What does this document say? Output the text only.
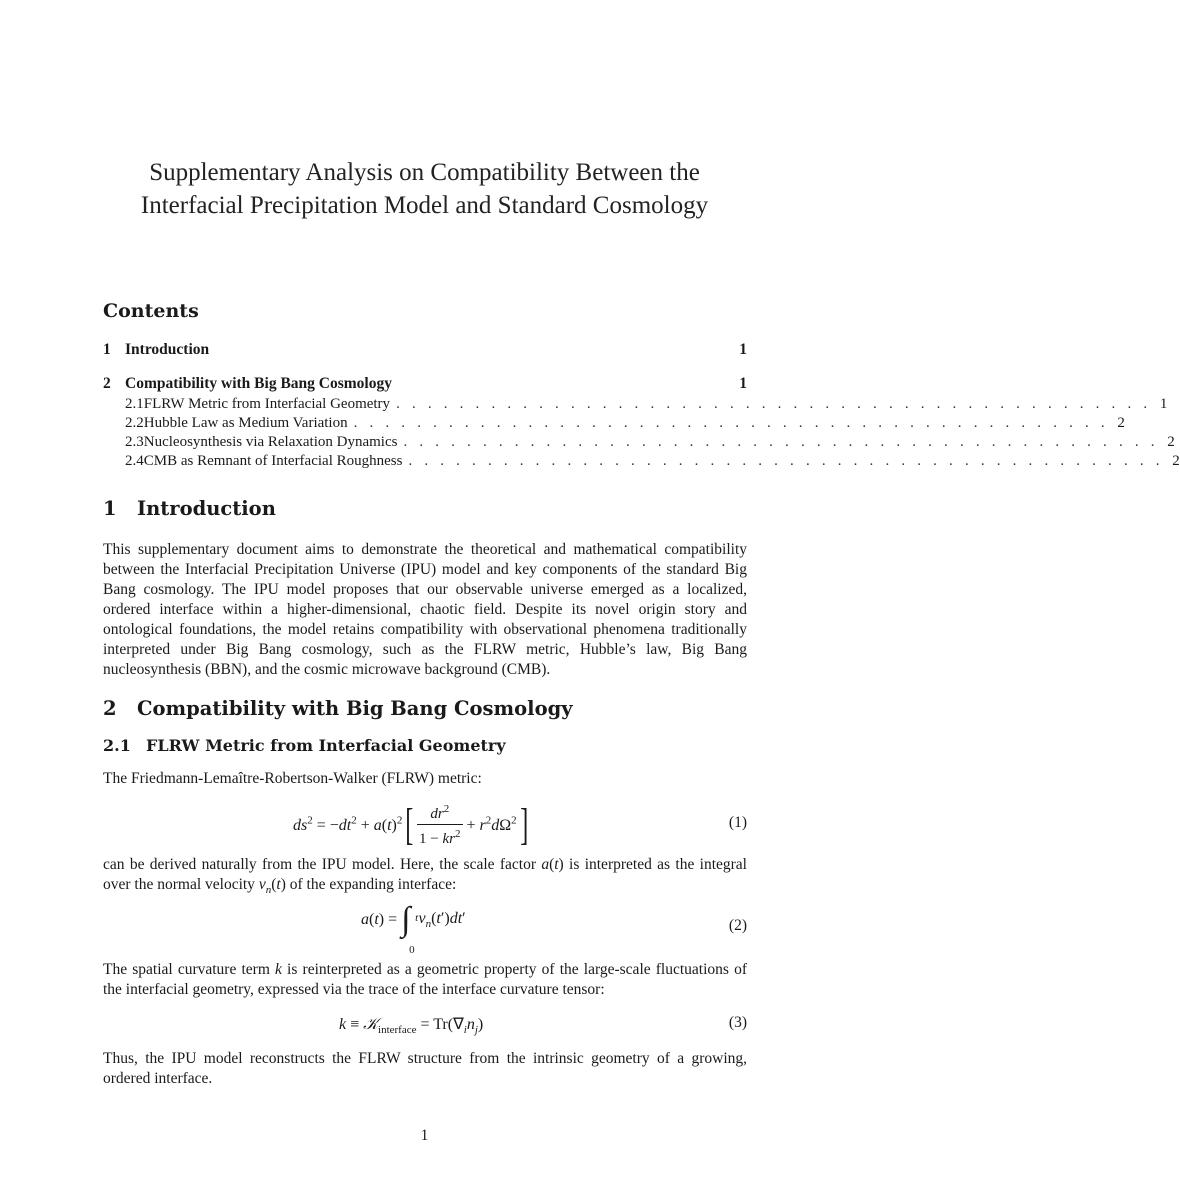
Supplementary Analysis on Compatibility Between the
Interfacial Precipitation Model and Standard Cosmology
Contents
1 Introduction	1
2 Compatibility with Big Bang Cosmology	1
2.1 FLRW Metric from Interfacial Geometry . . . . . . . . . . . . . . . . . . . . . . . . . . . . . . . . . . . . . . . . . . . . . . . . 1
2.2 Hubble Law as Medium Variation . . . . . . . . . . . . . . . . . . . . . . . . . . . . . . . . . . . . . . . . . . . . . . . . 2
2.3 Nucleosynthesis via Relaxation Dynamics . . . . . . . . . . . . . . . . . . . . . . . . . . . . . . . . . . . . . . . . . . . . . . . . 2
2.4 CMB as Remnant of Interfacial Roughness . . . . . . . . . . . . . . . . . . . . . . . . . . . . . . . . . . . . . . . . . . . . . . . . 2
1 Introduction
This supplementary document aims to demonstrate the theoretical and mathematical compatibility between the Interfacial Precipitation Universe (IPU) model and key components of the standard Big Bang cosmology. The IPU model proposes that our observable universe emerged as a localized, ordered interface within a higher-dimensional, chaotic field. Despite its novel origin story and ontological foundations, the model retains compatibility with observational phenomena traditionally interpreted under Big Bang cosmology, such as the FLRW metric, Hubble’s law, Big Bang nucleosynthesis (BBN), and the cosmic microwave background (CMB).
2 Compatibility with Big Bang Cosmology
2.1 FLRW Metric from Interfacial Geometry
The Friedmann-Lemaître-Robertson-Walker (FLRW) metric:
$ds^2 = -dt^2 + a(t)^2[ \frac{dr^2}{1 - kr^2} + r^2d\Omega^2]$	(1)
can be derived naturally from the IPU model. Here, the scale factor a(t) is interpreted as the integral over the normal velocity $v_n(t)$ of the expanding interface:
a(t) = ∫ t
0
$v_n(t')dt'$	(2)
The spatial curvature term k is reinterpreted as a geometric property of the large-scale fluctuations of the interfacial geometry, expressed via the trace of the interface curvature tensor:
k ≡ 𝒦$_{interface}$ = $Tr(\nabla_in_j)$	(3)
Thus, the IPU model reconstructs the FLRW structure from the intrinsic geometry of a growing, ordered interface.
1
